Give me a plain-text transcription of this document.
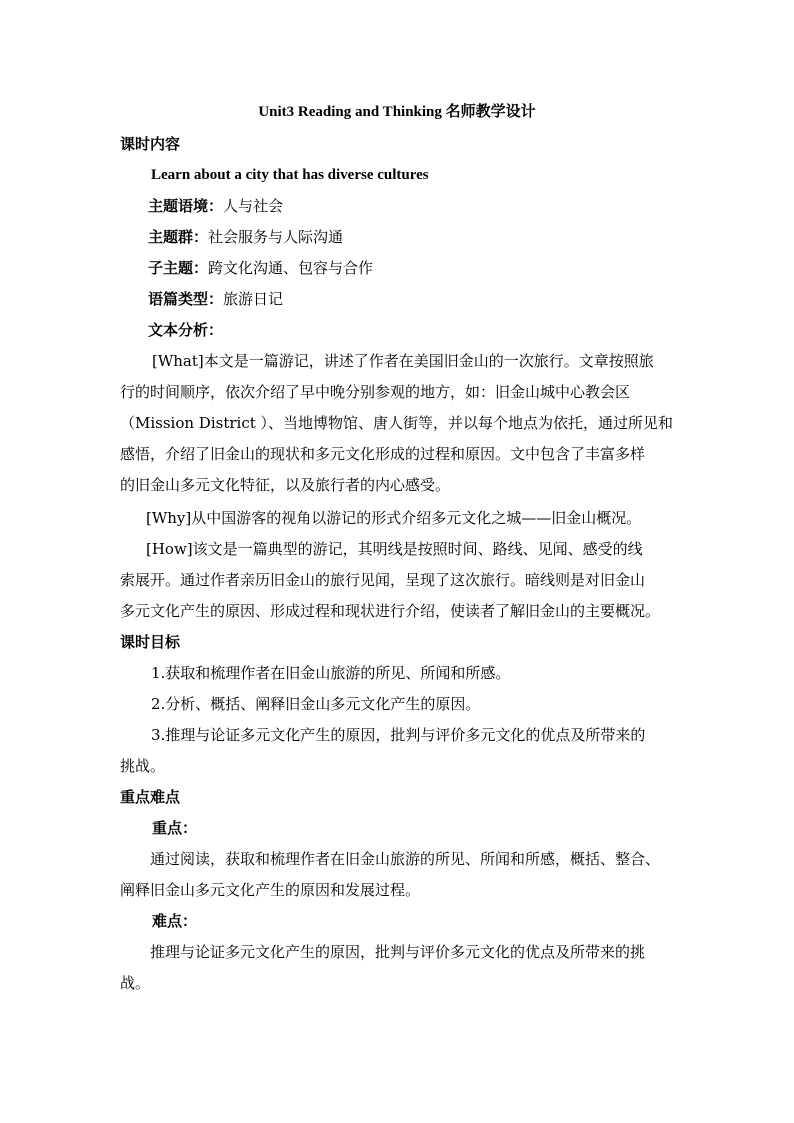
Unit3 Reading and Thinking 名师教学设计
课时内容
Learn about a city that has diverse cultures
主题语境：人与社会
主题群：社会服务与人际沟通
子主题：跨文化沟通、包容与合作
语篇类型：旅游日记
文本分析：
[What]本文是一篇游记，讲述了作者在美国旧金山的一次旅行。文章按照旅
行的时间顺序，依次介绍了早中晚分别参观的地方，如：旧金山城中心教会区
（Mission District ）、当地博物馆、唐人街等，并以每个地点为依托，通过所见和
感悟，介绍了旧金山的现状和多元文化形成的过程和原因。文中包含了丰富多样
的旧金山多元文化特征，以及旅行者的内心感受。
[Why]从中国游客的视角以游记的形式介绍多元文化之城——旧金山概况。
[How]该文是一篇典型的游记，其明线是按照时间、路线、见闻、感受的线
索展开。通过作者亲历旧金山的旅行见闻，呈现了这次旅行。暗线则是对旧金山
多元文化产生的原因、形成过程和现状进行介绍，使读者了解旧金山的主要概况。
课时目标
1.获取和梳理作者在旧金山旅游的所见、所闻和所感。
2.分析、概括、阐释旧金山多元文化产生的原因。
3.推理与论证多元文化产生的原因，批判与评价多元文化的优点及所带来的
挑战。
重点难点
重点：
通过阅读，获取和梳理作者在旧金山旅游的所见、所闻和所感，概括、整合、
阐释旧金山多元文化产生的原因和发展过程。
难点：
推理与论证多元文化产生的原因，批判与评价多元文化的优点及所带来的挑
战。
